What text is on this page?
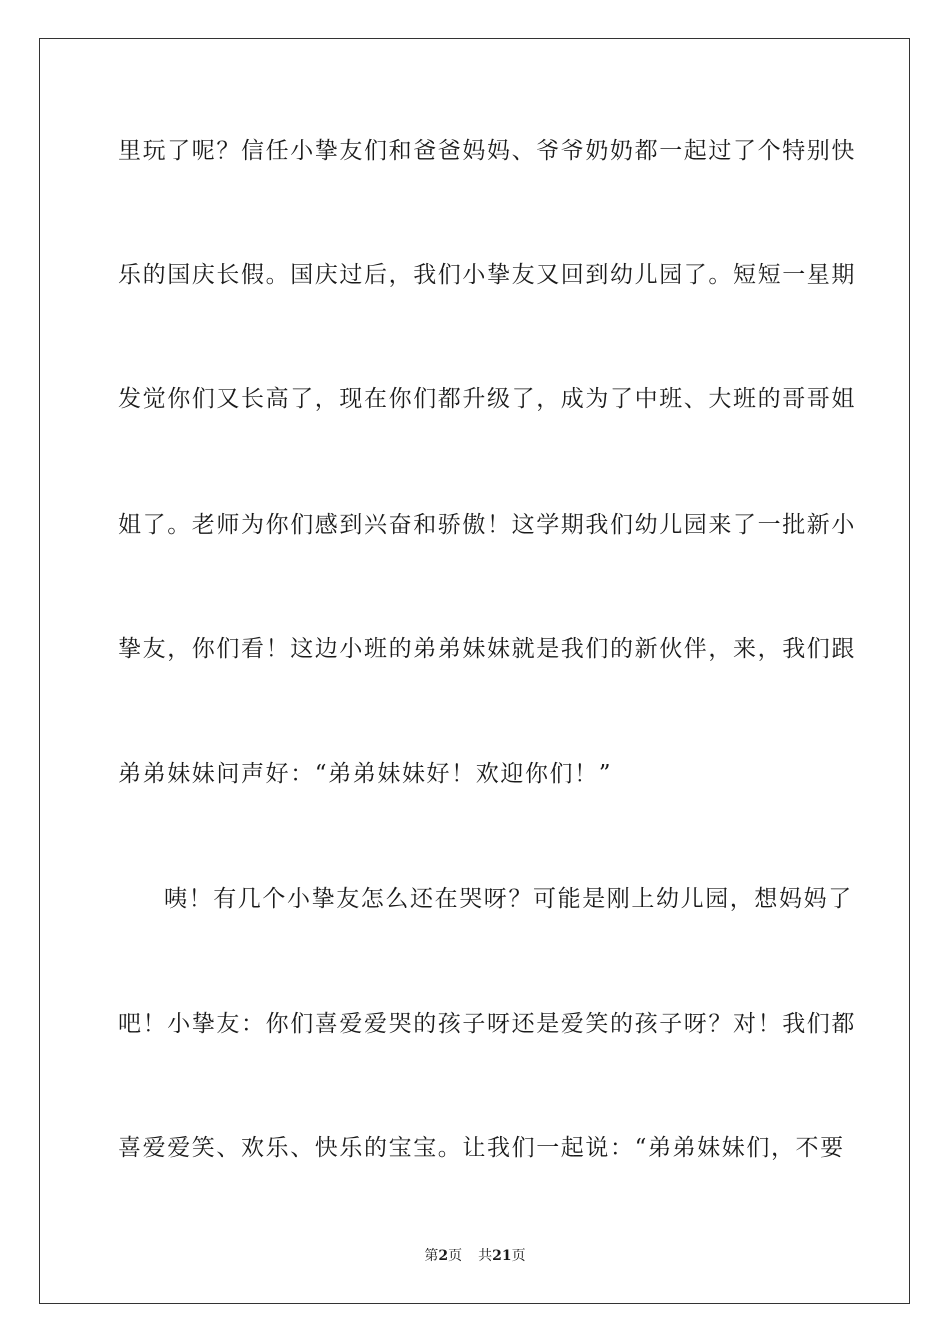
里玩了呢？信任小挚友们和爸爸妈妈、爷爷奶奶都一起过了个特别快
乐的国庆长假。国庆过后，我们小挚友又回到幼儿园了。短短一星期
发觉你们又长高了，现在你们都升级了，成为了中班、大班的哥哥姐
姐了。老师为你们感到兴奋和骄傲！这学期我们幼儿园来了一批新小
挚友，你们看！这边小班的弟弟妹妹就是我们的新伙伴，来，我们跟
弟弟妹妹问声好：“弟弟妹妹好！欢迎你们！”
咦！有几个小挚友怎么还在哭呀？可能是刚上幼儿园，想妈妈了
吧！小挚友：你们喜爱爱哭的孩子呀还是爱笑的孩子呀？对！我们都
喜爱爱笑、欢乐、快乐的宝宝。让我们一起说：“弟弟妹妹们，不要
第2页 共21页
